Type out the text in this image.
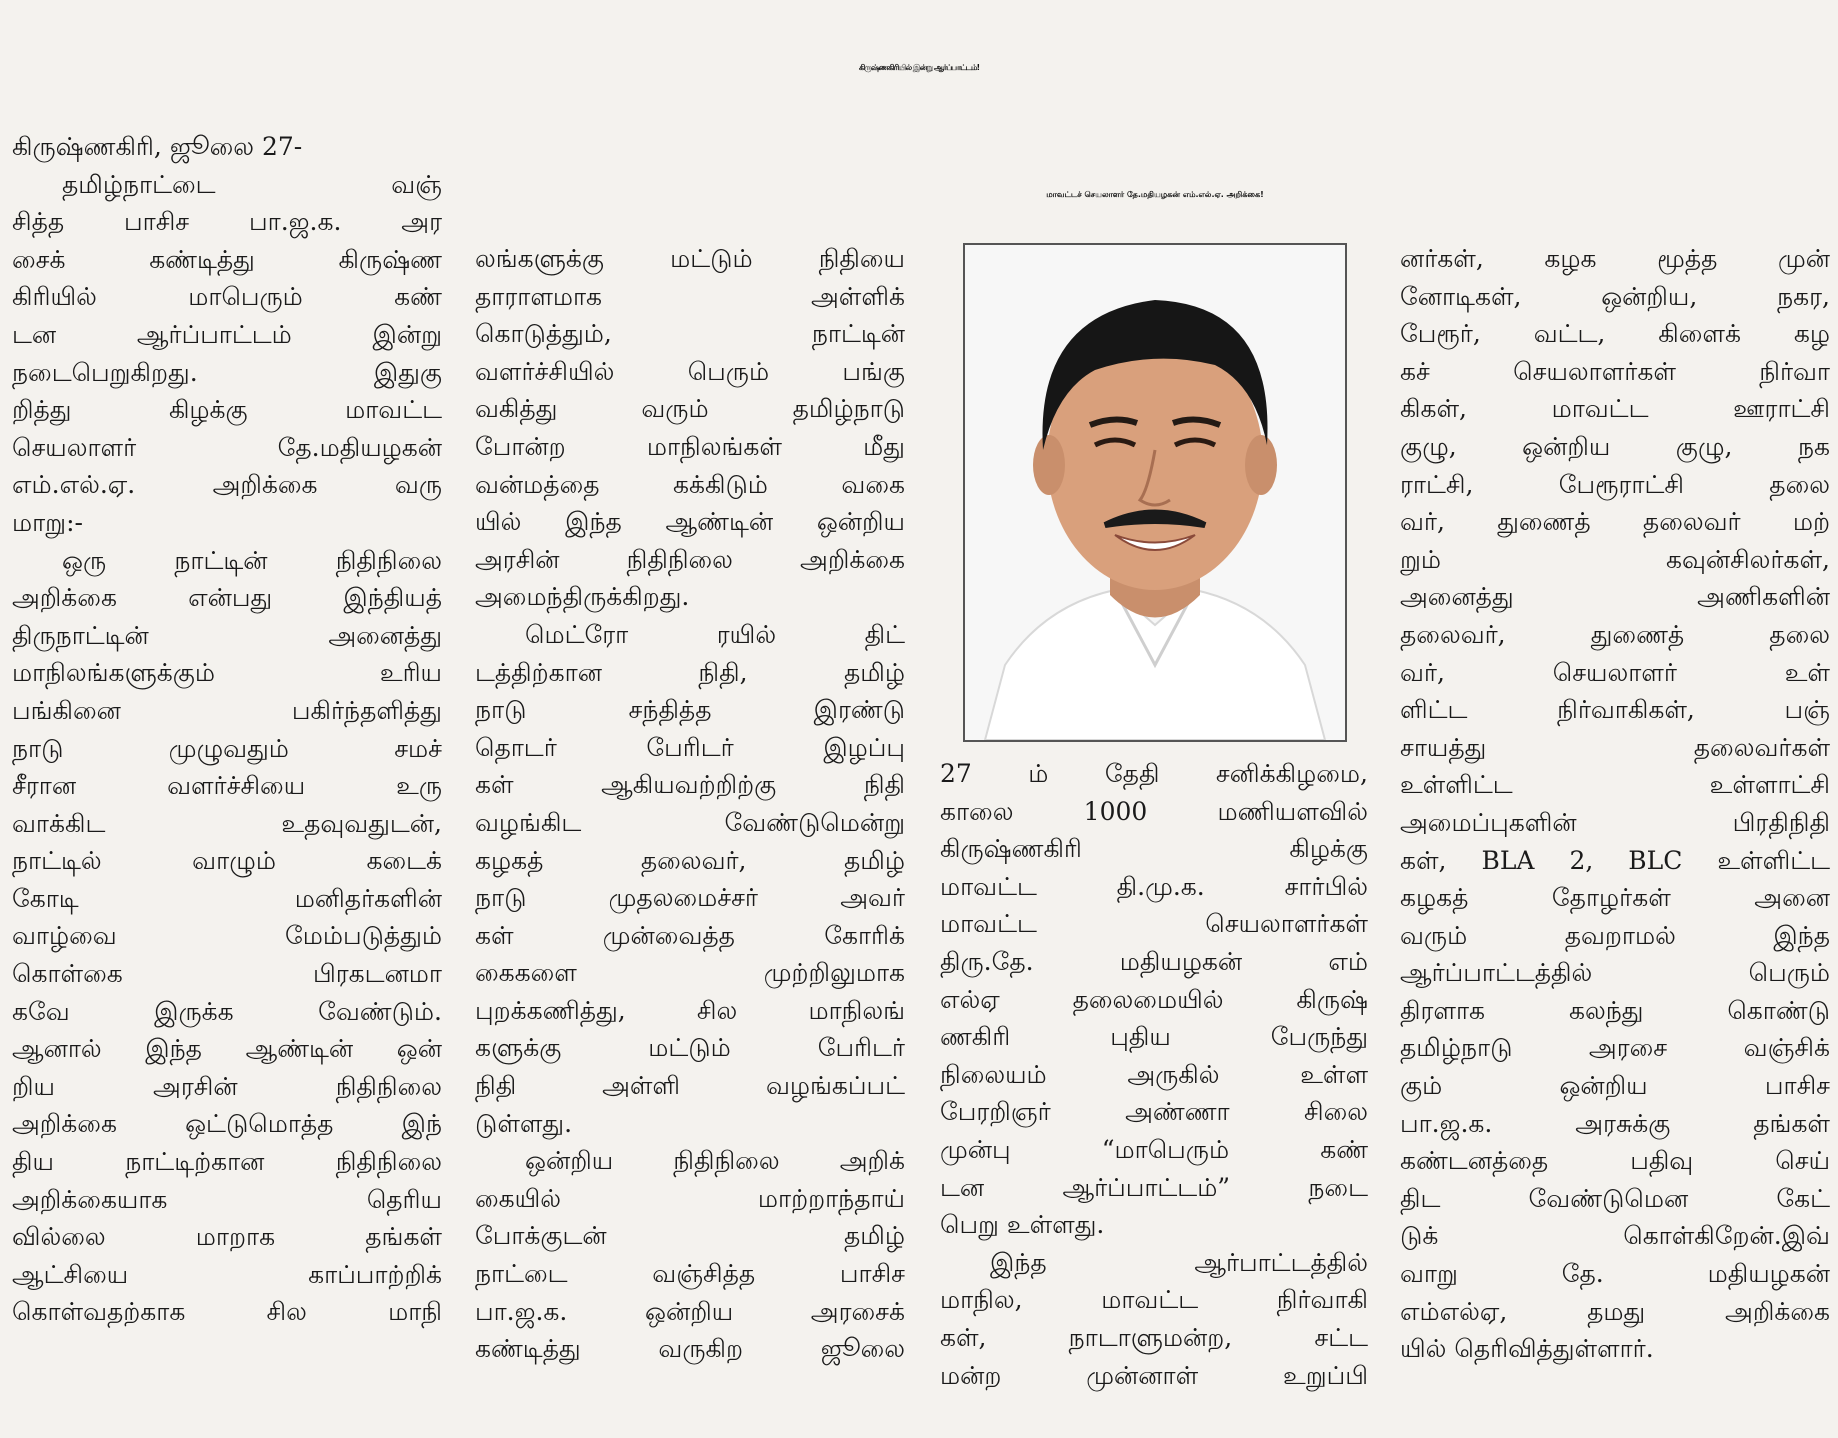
கிருஷ்ணகிரியில் இன்று ஆர்ப்பாட்டம்!
மாவட்டச் செயலாளர் தே.மதியழகன் எம்.எல்.ஏ. அறிக்கை!
கிருஷ்ணகிரி, ஜூலை 27-
தமிழ்நாட்டை வஞ்
சித்த பாசிச பா.ஜ.க. அர
சைக் கண்டித்து கிருஷ்ண
கிரியில் மாபெரும் கண்
டன ஆர்ப்பாட்டம் இன்று
நடைபெறுகிறது. இதுகு
றித்து கிழக்கு மாவட்ட
செயலாளர் தே.மதியழகன்
எம்.எல்.ஏ. அறிக்கை வரு
மாறு:-
ஒரு நாட்டின் நிதிநிலை
அறிக்கை என்பது இந்தியத்
திருநாட்டின் அனைத்து
மாநிலங்களுக்கும் உரிய
பங்கினை பகிர்ந்தளித்து
நாடு முழுவதும் சமச்
சீரான வளர்ச்சியை உரு
வாக்கிட உதவுவதுடன்,
நாட்டில் வாழும் கடைக்
கோடி மனிதர்களின்
வாழ்வை மேம்படுத்தும்
கொள்கை பிரகடனமா
கவே இருக்க வேண்டும்.
ஆனால் இந்த ஆண்டின் ஒன்
றிய அரசின் நிதிநிலை
அறிக்கை ஒட்டுமொத்த இந்
திய நாட்டிற்கான நிதிநிலை
அறிக்கையாக தெரிய
வில்லை மாறாக தங்கள்
ஆட்சியை காப்பாற்றிக்
கொள்வதற்காக சில மாநி
லங்களுக்கு மட்டும் நிதியை
தாராளமாக அள்ளிக்
கொடுத்தும், நாட்டின்
வளர்ச்சியில் பெரும் பங்கு
வகித்து வரும் தமிழ்நாடு
போன்ற மாநிலங்கள் மீது
வன்மத்தை கக்கிடும் வகை
யில் இந்த ஆண்டின் ஒன்றிய
அரசின் நிதிநிலை அறிக்கை
அமைந்திருக்கிறது.
மெட்ரோ ரயில் திட்
டத்திற்கான நிதி, தமிழ்
நாடு சந்தித்த இரண்டு
தொடர் பேரிடர் இழப்பு
கள் ஆகியவற்றிற்கு நிதி
வழங்கிட வேண்டுமென்று
கழகத் தலைவர், தமிழ்
நாடு முதலமைச்சர் அவர்
கள் முன்வைத்த கோரிக்
கைகளை முற்றிலுமாக
புறக்கணித்து, சில மாநிலங்
களுக்கு மட்டும் பேரிடர்
நிதி அள்ளி வழங்கப்பட்
டுள்ளது.
ஒன்றிய நிதிநிலை அறிக்
கையில் மாற்றாந்தாய்
போக்குடன் தமிழ்
நாட்டை வஞ்சித்த பாசிச
பா.ஜ.க. ஒன்றிய அரசைக்
கண்டித்து வருகிற ஜூலை
27 ம் தேதி சனிக்கிழமை,
காலை 1000 மணியளவில்
கிருஷ்ணகிரி கிழக்கு
மாவட்ட தி.மு.க. சார்பில்
மாவட்ட செயலாளர்கள்
திரு.தே. மதியழகன் எம்
எல்ஏ தலைமையில் கிருஷ்
ணகிரி புதிய பேருந்து
நிலையம் அருகில் உள்ள
பேரறிஞர் அண்ணா சிலை
முன்பு “மாபெரும் கண்
டன ஆர்ப்பாட்டம்” நடை
பெறு உள்ளது.
இந்த ஆர்பாட்டத்தில்
மாநில, மாவட்ட நிர்வாகி
கள், நாடாளுமன்ற, சட்ட
மன்ற முன்னாள் உறுப்பி
னர்கள், கழக மூத்த முன்
னோடிகள், ஒன்றிய, நகர,
பேரூர், வட்ட, கிளைக் கழ
கச் செயலாளர்கள் நிர்வா
கிகள், மாவட்ட ஊராட்சி
குழு, ஒன்றிய குழு, நக
ராட்சி, பேரூராட்சி தலை
வர், துணைத் தலைவர் மற்
றும் கவுன்சிலர்கள்,
அனைத்து அணிகளின்
தலைவர், துணைத் தலை
வர், செயலாளர் உள்
ளிட்ட நிர்வாகிகள், பஞ்
சாயத்து தலைவர்கள்
உள்ளிட்ட உள்ளாட்சி
அமைப்புகளின் பிரதிநிதி
கள், BLA 2, BLC உள்ளிட்ட
கழகத் தோழர்கள் அனை
வரும் தவறாமல் இந்த
ஆர்ப்பாட்டத்தில் பெரும்
திரளாக கலந்து கொண்டு
தமிழ்நாடு அரசை வஞ்சிக்
கும் ஒன்றிய பாசிச
பா.ஜ.க. அரசுக்கு தங்கள்
கண்டனத்தை பதிவு செய்
திட வேண்டுமென கேட்
டுக் கொள்கிறேன்.இவ்
வாறு தே. மதியழகன்
எம்எல்ஏ, தமது அறிக்கை
யில் தெரிவித்துள்ளார்.
